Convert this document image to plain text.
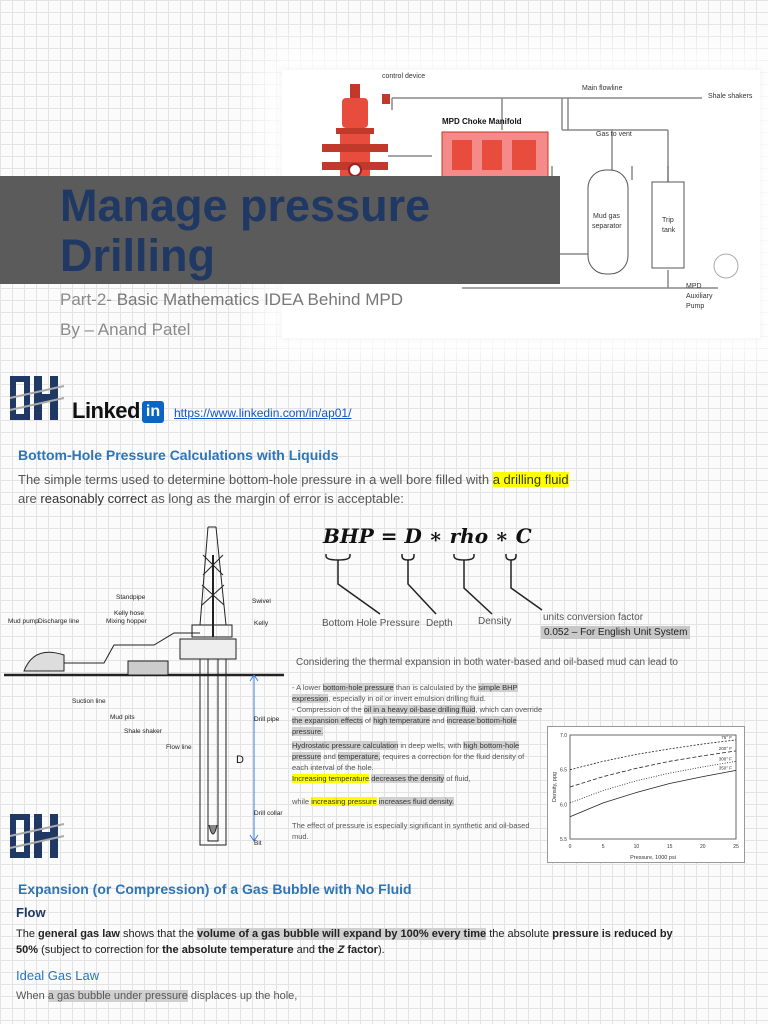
MPD Choke Manifold
Mud gas
separator
Gas to vent
Trip
tank
control device
Main flowline
Shale shakers
MPD
Auxiliary
Pump
Manage pressure
Drilling
Part-2- Basic Mathematics IDEA Behind MPD
By – Anand Patel
Linked in	https://www.linkedin.com/in/ap01/
Bottom-Hole Pressure Calculations with Liquids
The simple terms used to determine bottom-hole pressure in a well bore filled with a drilling fluid are reasonably correct as long as the margin of error is acceptable:
BHP = D ∗ rho ∗ C
Bottom Hole Pressure Depth	Density	units conversion factor
0.052 – For English Unit System
Standpipe
Swivel
Kelly hose
Mixing hopper	Kelly
Mud pump Discharge line
Suction line
Mud pits
Shale shaker
Flow line
Drill pipe
D
Drill collar
Bit
Considering the thermal expansion in both water-based and oil-based mud can lead to
- A lower bottom-hole pressure than is calculated by the simple BHP expression, especially in oil or invert emulsion drilling fluid.
- Compression of the oil in a heavy oil-base drilling fluid, which can override the expansion effects of high temperature and increase bottom-hole pressure.
Hydrostatic pressure calculation in deep wells, with high bottom-hole pressure and temperature, requires a correction for the fluid density of each interval of the hole.
Increasing temperature decreases the density of fluid,
while increasing pressure increases fluid density.
The effect of pressure is especially significant in synthetic and oil-based mud.
0	5	10	15	20	25
5.5
6.0
6.5
7.0
Pressure, 1000 psi
Density, ppg
75° F
200° F
300° F
350° F
Expansion (or Compression) of a Gas Bubble with No Fluid
Flow
The general gas law shows that the volume of a gas bubble will expand by 100% every time the absolute pressure is reduced by 50% (subject to correction for the absolute temperature and the Z factor).
Ideal Gas Law
When a gas bubble under pressure displaces up the hole,
